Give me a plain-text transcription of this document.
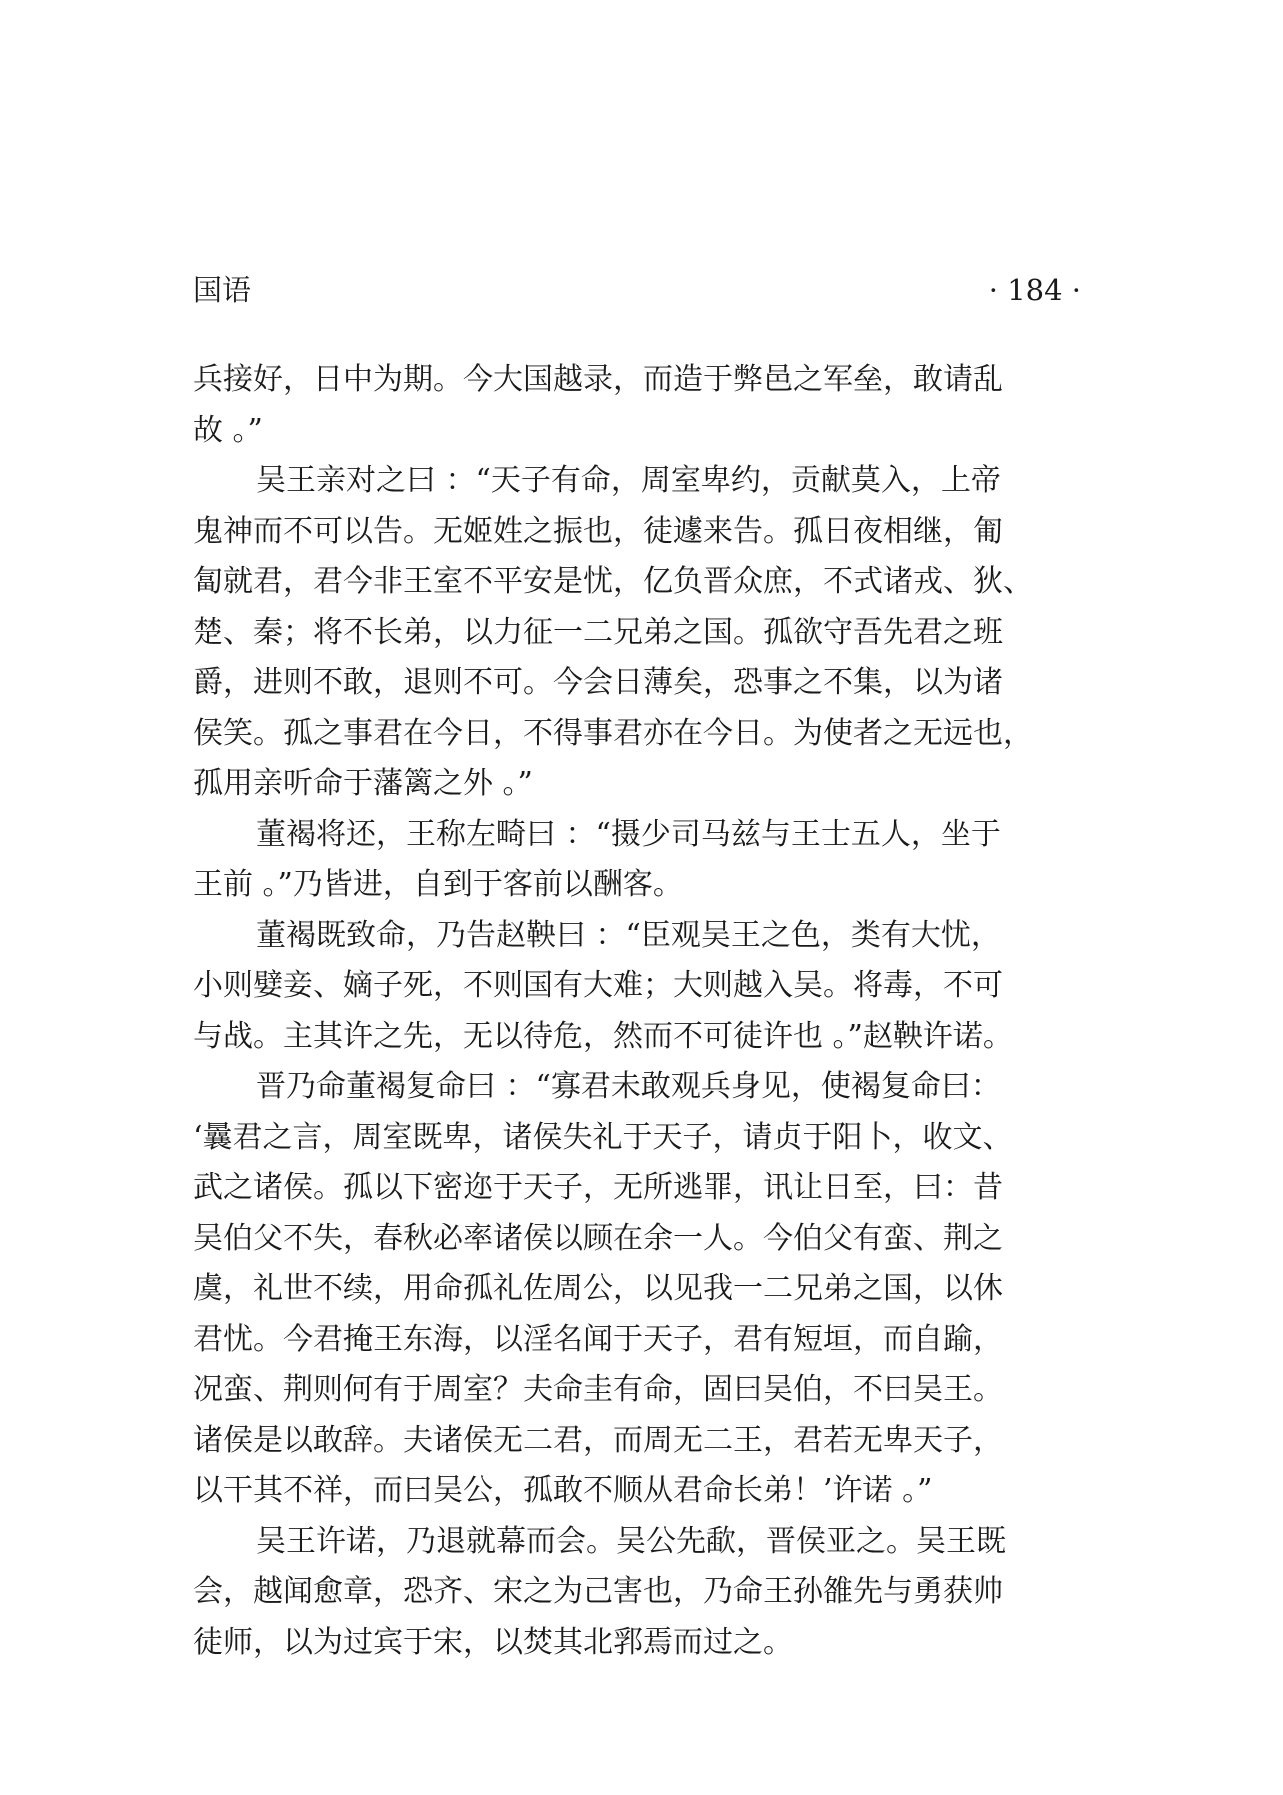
国语	· 184 ·
兵接好，日中为期。今大国越录，而造于弊邑之军垒，敢请乱
故 。”
吴王亲对之曰 ：“天子有命，周室卑约，贡献莫入，上帝
鬼神而不可以告。无姬姓之振也，徒遽来告。孤日夜相继，匍
匐就君，君今非王室不平安是忧，亿负晋众庶，不式诸戎、狄、
楚、秦；将不长弟，以力征一二兄弟之国。孤欲守吾先君之班
爵，进则不敢，退则不可。今会日薄矣，恐事之不集，以为诸
侯笑。孤之事君在今日，不得事君亦在今日。为使者之无远也，
孤用亲听命于藩篱之外 。”
董褐将还，王称左畸曰 ：“摄少司马兹与王士五人，坐于
王前 。”乃皆进，自到于客前以酬客。
董褐既致命，乃告赵鞅曰 ：“臣观吴王之色，类有大忧，
小则嬖妾、嫡子死，不则国有大难；大则越入吴。将毒，不可
与战。主其许之先，无以待危，然而不可徒许也 。”赵鞅许诺。
晋乃命董褐复命曰 ：“寡君未敢观兵身见，使褐复命曰：
‘曩君之言，周室既卑，诸侯失礼于天子，请贞于阳卜，收文、
武之诸侯。孤以下密迩于天子，无所逃罪，讯让日至，曰：昔
吴伯父不失，春秋必率诸侯以顾在余一人。今伯父有蛮、荆之
虞，礼世不续，用命孤礼佐周公，以见我一二兄弟之国，以休
君忧。今君掩王东海，以淫名闻于天子，君有短垣，而自踰，
况蛮、荆则何有于周室？夫命圭有命，固曰吴伯，不曰吴王。
诸侯是以敢辞。夫诸侯无二君，而周无二王，君若无卑天子，
以干其不祥，而曰吴公，孤敢不顺从君命长弟！’许诺 。”
吴王许诺，乃退就幕而会。吴公先歃，晋侯亚之。吴王既
会，越闻愈章，恐齐、宋之为己害也，乃命王孙雒先与勇获帅
徒师，以为过宾于宋，以焚其北郛焉而过之。
